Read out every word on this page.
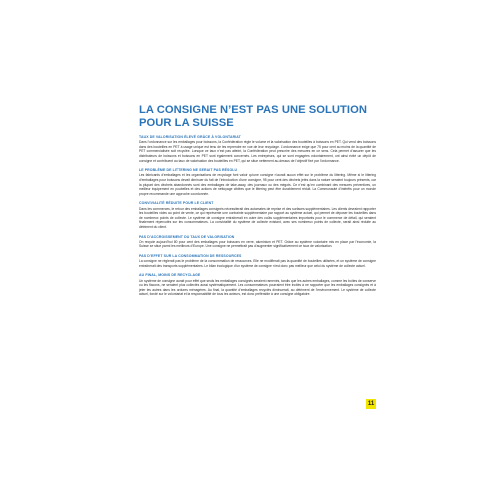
LA CONSIGNE N’EST PAS UNE SOLUTION POUR LA SUISSE
TAUX DE VALORISATION ÉLEVÉ GRÂCE À VOLONTARIAT

Dans l’ordonnance sur les emballages pour boissons, la Confédération règle le volume et la valorisation des bouteilles à boissons en PET. Qui vend des boissons dans des bouteilles en PET à usage unique est tenu de les reprendre en vue de leur recyclage. L’ordonnance exige que 75 pour cent au moins de la quantité de PET commercialisée soit recyclée. Lorsque ce taux n’est pas atteint, la Confédération peut prescrire des mesures en ce sens. Cela permet d’assurer que les distributeurs de boissons et boissons en PET sont également concernés. Les entreprises, qui se sont engagées volontairement, ont ainsi évité un dépôt de consigne et contribuent au taux de valorisation des bouteilles en PET, qui se situe nettement au-dessus de l’objectif fixé par l’ordonnance.

LE PROBLÈME DE LITTERING NE SERAIT PAS RÉSOLU

Les fabricants d’emballages et les organisations de recyclage font valoir qu’une consigne n’aurait aucun effet sur le problème du littering. Même si le littering d’emballages pour boissons devait diminuer du fait de l’introduction d’une consigne, 95 pour cent des déchets jetés dans la nature seraient toujours présents, car la plupart des déchets abandonnés sont des emballages de take-away, des journaux ou des mégots. Ce n’est qu’en combinant des mesures préventives, un meilleur équipement en poubelles et des actions de nettoyage ciblées que le littering peut être durablement réduit. La Communauté d’intérêts pour un monde propre recommande une approche coordonnée.

CONVIVIALITÉ RÉDUITE POUR LE CLIENT

Dans les commerces, le retour des emballages consignés nécessiterait des automates de reprise et des surfaces supplémentaires. Les clients devraient rapporter les bouteilles vides au point de vente, ce qui représente une contrainte supplémentaire par rapport au système actuel, qui permet de déposer les bouteilles dans de nombreux points de collecte. Le système de consigne entraînerait en outre des coûts supplémentaires importants pour le commerce de détail, qui seraient finalement répercutés sur les consommateurs. La convivialité du système de collecte existant, avec ses nombreux points de collecte, serait ainsi réduite au détriment du client.

PAS D’ACCROISSEMENT DU TAUX DE VALORISATION

On recycle aujourd’hui 80 pour cent des emballages pour boissons en verre, aluminium et PET. Grâce au système volontaire mis en place par l’économie, la Suisse se situe parmi les meilleurs d’Europe. Une consigne ne permettrait pas d’augmenter significativement ce taux de valorisation.

PAS D’EFFET SUR LA CONSOMMATION DE RESSOURCES

La consigne ne réglerait pas le problème de la consommation de ressources. Elle ne modifierait pas la quantité de bouteilles utilisées, et un système de consigne entraînerait des transports supplémentaires. Le bilan écologique d’un système de consigne n’est donc pas meilleur que celui du système de collecte actuel.

AU FINAL, MOINS DE RECYCLAGE

Un système de consigne aurait pour effet que seuls les emballages consignés seraient ramenés, tandis que les autres emballages, comme les boîtes de conserve ou les flacons, ne seraient plus collectés aussi systématiquement. Les consommateurs pourraient être incités à ne rapporter que les emballages consignés et à jeter les autres dans les ordures ménagères. Au final, la quantité d’emballages recyclés diminuerait, au détriment de l’environnement. Le système de collecte actuel, fondé sur le volontariat et la responsabilité de tous les acteurs, est donc préférable à une consigne obligatoire.

11
